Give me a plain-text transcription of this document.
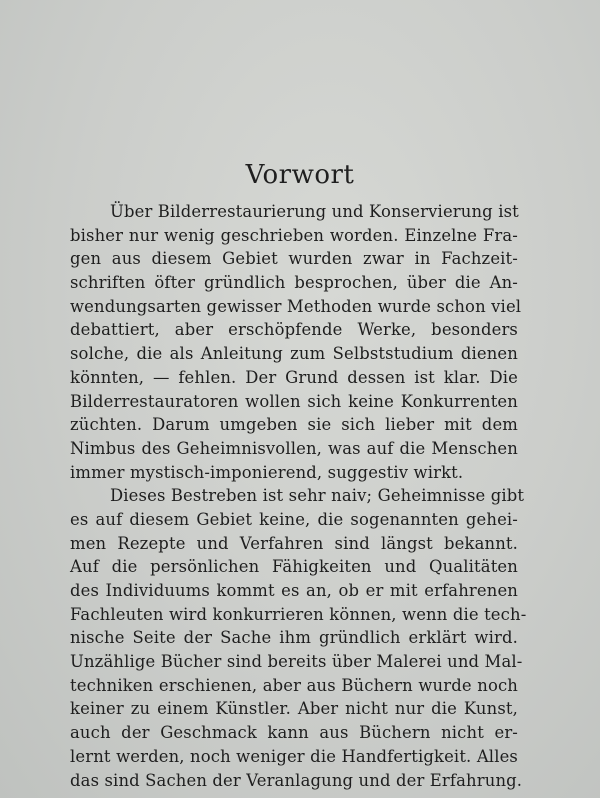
Vorwort
Über Bilderrestaurierung und Konservierung ist
bisher nur wenig geschrieben worden. Einzelne Fra-
gen aus diesem Gebiet wurden zwar in Fachzeit-
schriften öfter gründlich besprochen, über die An-
wendungsarten gewisser Methoden wurde schon viel
debattiert, aber erschöpfende Werke, besonders
solche, die als Anleitung zum Selbststudium dienen
könnten, — fehlen. Der Grund dessen ist klar. Die
Bilderrestauratoren wollen sich keine Konkurrenten
züchten. Darum umgeben sie sich lieber mit dem
Nimbus des Geheimnisvollen, was auf die Menschen
immer mystisch-imponierend, suggestiv wirkt.
Dieses Bestreben ist sehr naiv; Geheimnisse gibt
es auf diesem Gebiet keine, die sogenannten gehei-
men Rezepte und Verfahren sind längst bekannt.
Auf die persönlichen Fähigkeiten und Qualitäten
des Individuums kommt es an, ob er mit erfahrenen
Fachleuten wird konkurrieren können, wenn die tech-
nische Seite der Sache ihm gründlich erklärt wird.
Unzählige Bücher sind bereits über Malerei und Mal-
techniken erschienen, aber aus Büchern wurde noch
keiner zu einem Künstler. Aber nicht nur die Kunst,
auch der Geschmack kann aus Büchern nicht er-
lernt werden, noch weniger die Handfertigkeit. Alles
das sind Sachen der Veranlagung und der Erfahrung.
